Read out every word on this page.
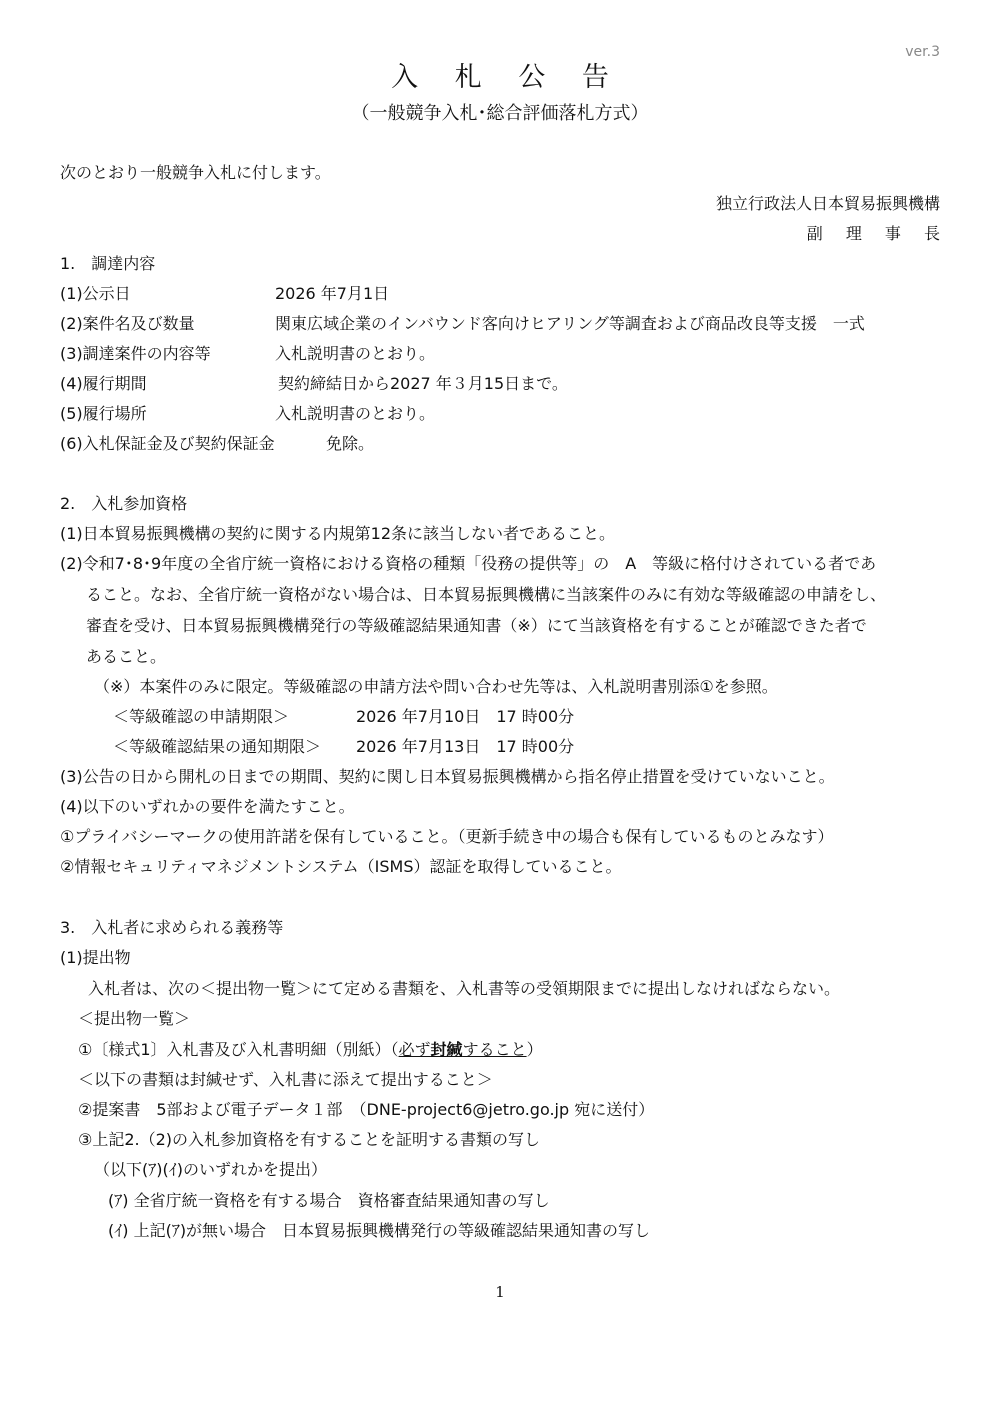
ver.3
入 札 公 告
（一般競争入札･総合評価落札方式）
次のとおり一般競争入札に付します。
独立行政法人日本貿易振興機構
副 理 事 長
1.　調達内容
(1)公示日	2026 年7月1日
(2)案件名及び数量	関東広域企業のインバウンド客向けヒアリング等調査および商品改良等支援　一式
(3)調達案件の内容等	入札説明書のとおり。
(4)履行期間	契約締結日から2027 年３月15日まで。
(5)履行場所	入札説明書のとおり。
(6)入札保証金及び契約保証金	免除。
2.　入札参加資格
(1)日本貿易振興機構の契約に関する内規第12条に該当しない者であること。
(2)令和7･8･9年度の全省庁統一資格における資格の種類「役務の提供等」の　A　等級に格付けされている者であ
ること。なお、全省庁統一資格がない場合は、日本貿易振興機構に当該案件のみに有効な等級確認の申請をし、
審査を受け、日本貿易振興機構発行の等級確認結果通知書（※）にて当該資格を有することが確認できた者で
あること。
（※）本案件のみに限定。等級確認の申請方法や問い合わせ先等は、入札説明書別添①を参照。
＜等級確認の申請期限＞	2026 年7月10日　17 時00分
＜等級確認結果の通知期限＞ 2026 年7月13日　17 時00分
(3)公告の日から開札の日までの期間、契約に関し日本貿易振興機構から指名停止措置を受けていないこと。
(4)以下のいずれかの要件を満たすこと。
①プライバシーマークの使用許諾を保有していること。（更新手続き中の場合も保有しているものとみなす）
②情報セキュリティマネジメントシステム（ISMS）認証を取得していること。
3.　入札者に求められる義務等
(1)提出物
入札者は、次の＜提出物一覧＞にて定める書類を、入札書等の受領期限までに提出しなければならない。
＜提出物一覧＞
①〔様式1〕入札書及び入札書明細（別紙）（必ず封緘すること）
＜以下の書類は封緘せず、入札書に添えて提出すること＞
②提案書　5部および電子データ１部　（DNE-project6@jetro.go.jp 宛に送付）
③上記2.（2)の入札参加資格を有することを証明する書類の写し
（以下(ｱ)(ｲ)のいずれかを提出）
(ｱ) 全省庁統一資格を有する場合　資格審査結果通知書の写し
(ｲ) 上記(ｱ)が無い場合　日本貿易振興機構発行の等級確認結果通知書の写し
1
